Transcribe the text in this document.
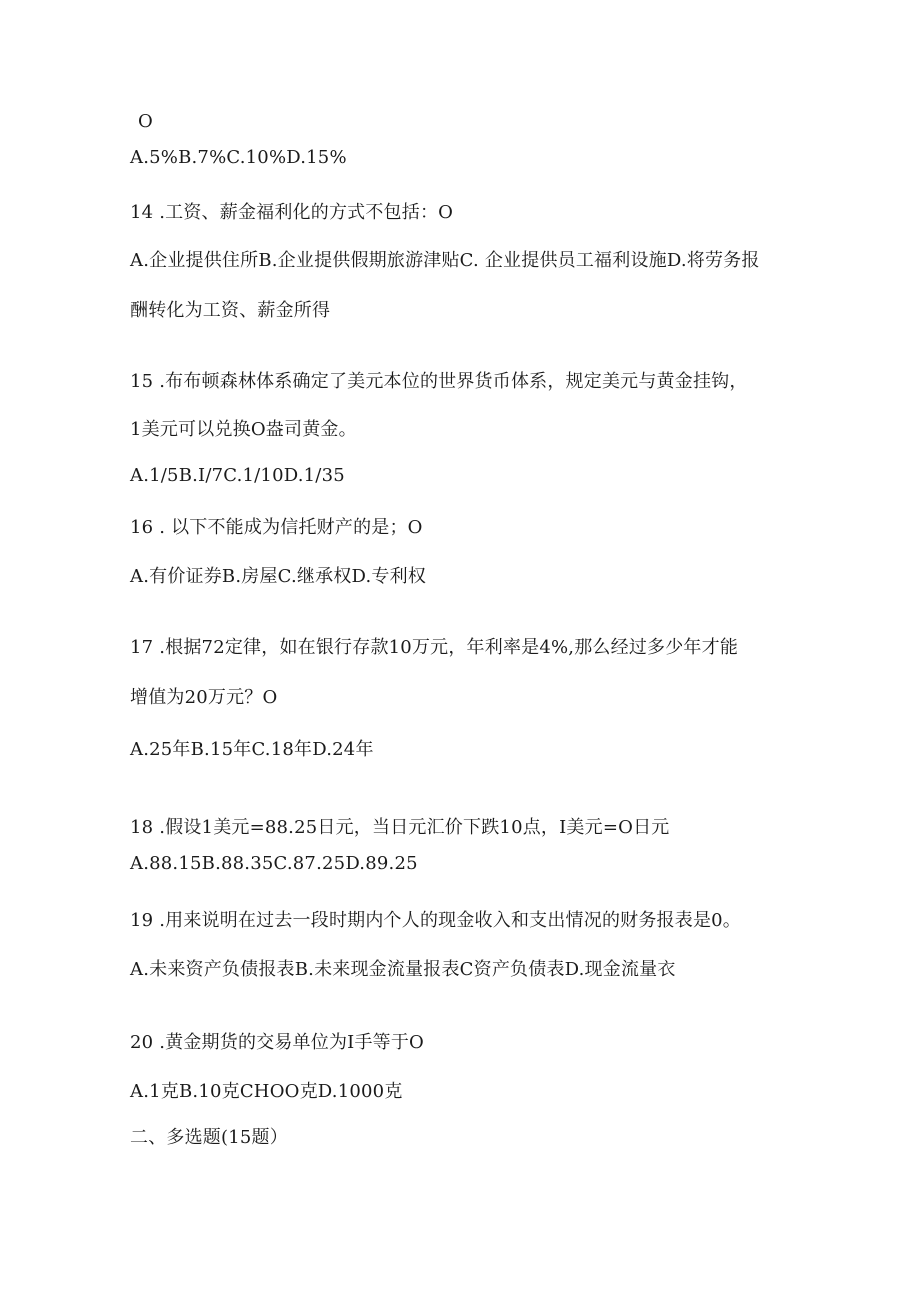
O
A.5%B.7%C.10%D.15%
14 .工资、薪金福利化的方式不包括：O
A.企业提供住所B.企业提供假期旅游津贴C. 企业提供员工福利设施D.将劳务报
酬转化为工资、薪金所得
15 .布布顿森林体系确定了美元本位的世界货币体系，规定美元与黄金挂钩，
1美元可以兑换O盎司黄金。
A.1/5B.I/7C.1/10D.1/35
16 . 以下不能成为信托财产的是；O
A.有价证券B.房屋C.继承权D.专利权
17 .根据72定律，如在银行存款10万元，年利率是4%,那么经过多少年才能
增值为20万元？O
A.25年B.15年C.18年D.24年
18 .假设1美元=88.25日元，当日元汇价下跌10点，I美元=O日元
A.88.15B.88.35C.87.25D.89.25
19 .用来说明在过去一段时期内个人的现金收入和支出情况的财务报表是0。
A.未来资产负债报表B.未来现金流量报表C资产负债表D.现金流量衣
20 .黄金期货的交易单位为I手等于O
A.1克B.10克CHOO克D.1000克
二、多选题(15题）
